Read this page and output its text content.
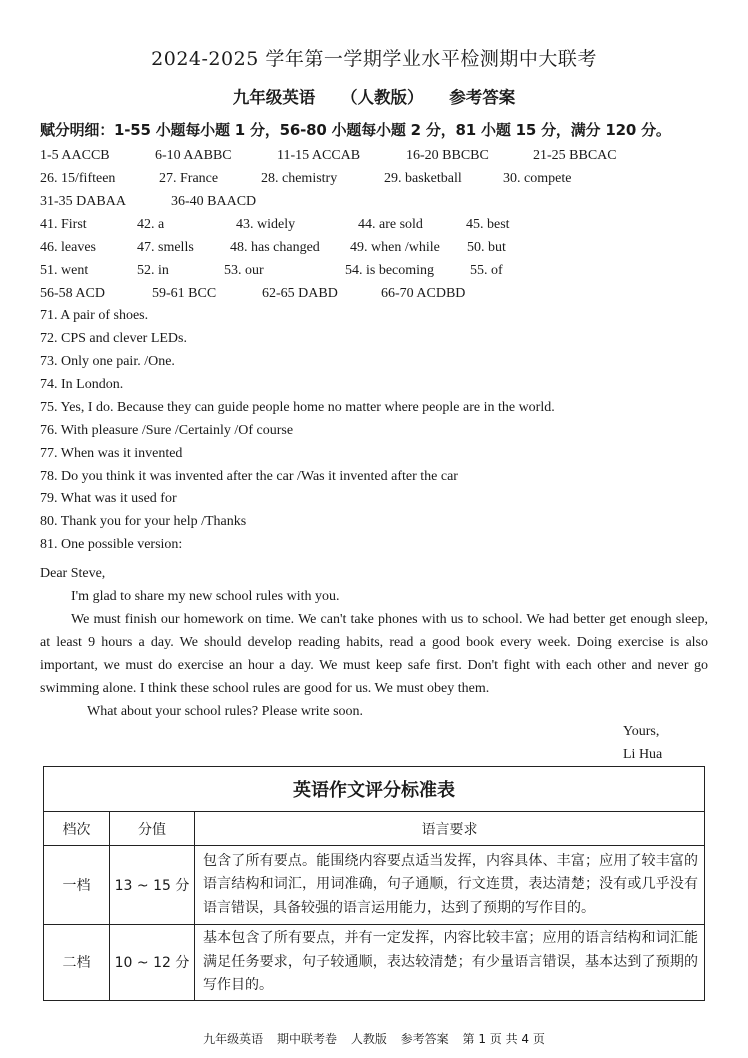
2024-2025 学年第一学期学业水平检测期中大联考
九年级英语 （人教版） 参考答案
赋分明细：1-55 小题每小题 1 分，56-80 小题每小题 2 分，81 小题 15 分，满分 120 分。
1-5 AACCB	6-10 AABBC	11-15 ACCAB	16-20 BBCBC	21-25 BBCAC
26. 15/fifteen	27. France	28. chemistry	29. basketball	30. compete
31-35 DABAA	36-40 BAACD
41. First	42. a	43. widely	44. are sold	45. best
46. leaves	47. smells	48. has changed 49. when /while 50. but
51. went	52. in	53. our	54. is becoming	55. of
56-58 ACD	59-61 BCC	62-65 DABD	66-70 ACDBD
71. A pair of shoes.
72. CPS and clever LEDs.
73. Only one pair. /One.
74. In London.
75. Yes, I do. Because they can guide people home no matter where people are in the world.
76. With pleasure /Sure /Certainly /Of course
77. When was it invented
78. Do you think it was invented after the car /Was it invented after the car
79. What was it used for
80. Thank you for your help /Thanks
81. One possible version:

Dear Steve,

I'm glad to share my new school rules with you.

We must finish our homework on time. We can't take phones with us to school. We had better get enough sleep, at least 9 hours a day. We should develop reading habits, read a good book every week. Doing exercise is also important, we must do exercise an hour a day. We must keep safe first. Don't fight with each other and never go swimming alone. I think these school rules are good for us. We must obey them.

What about your school rules? Please write soon.

Yours,
Li Hua
英语作文评分标准表		
档次	分值	语言要求
一档	13 ~ 15 分	包含了所有要点。能围绕内容要点适当发挥，内容具体、丰富；应用了较丰富的语言结构和词汇，用词准确，句子通顺，行文连贯，表达清楚；没有或几乎没有语言错误，具备较强的语言运用能力，达到了预期的写作目的。
二档	10 ~ 12 分	基本包含了所有要点，并有一定发挥，内容比较丰富；应用的语言结构和词汇能满足任务要求，句子较通顺，表达较清楚；有少量语言错误，基本达到了预期的写作目的。
九年级英语 期中联考卷 人教版 参考答案 第 1 页 共 4 页
